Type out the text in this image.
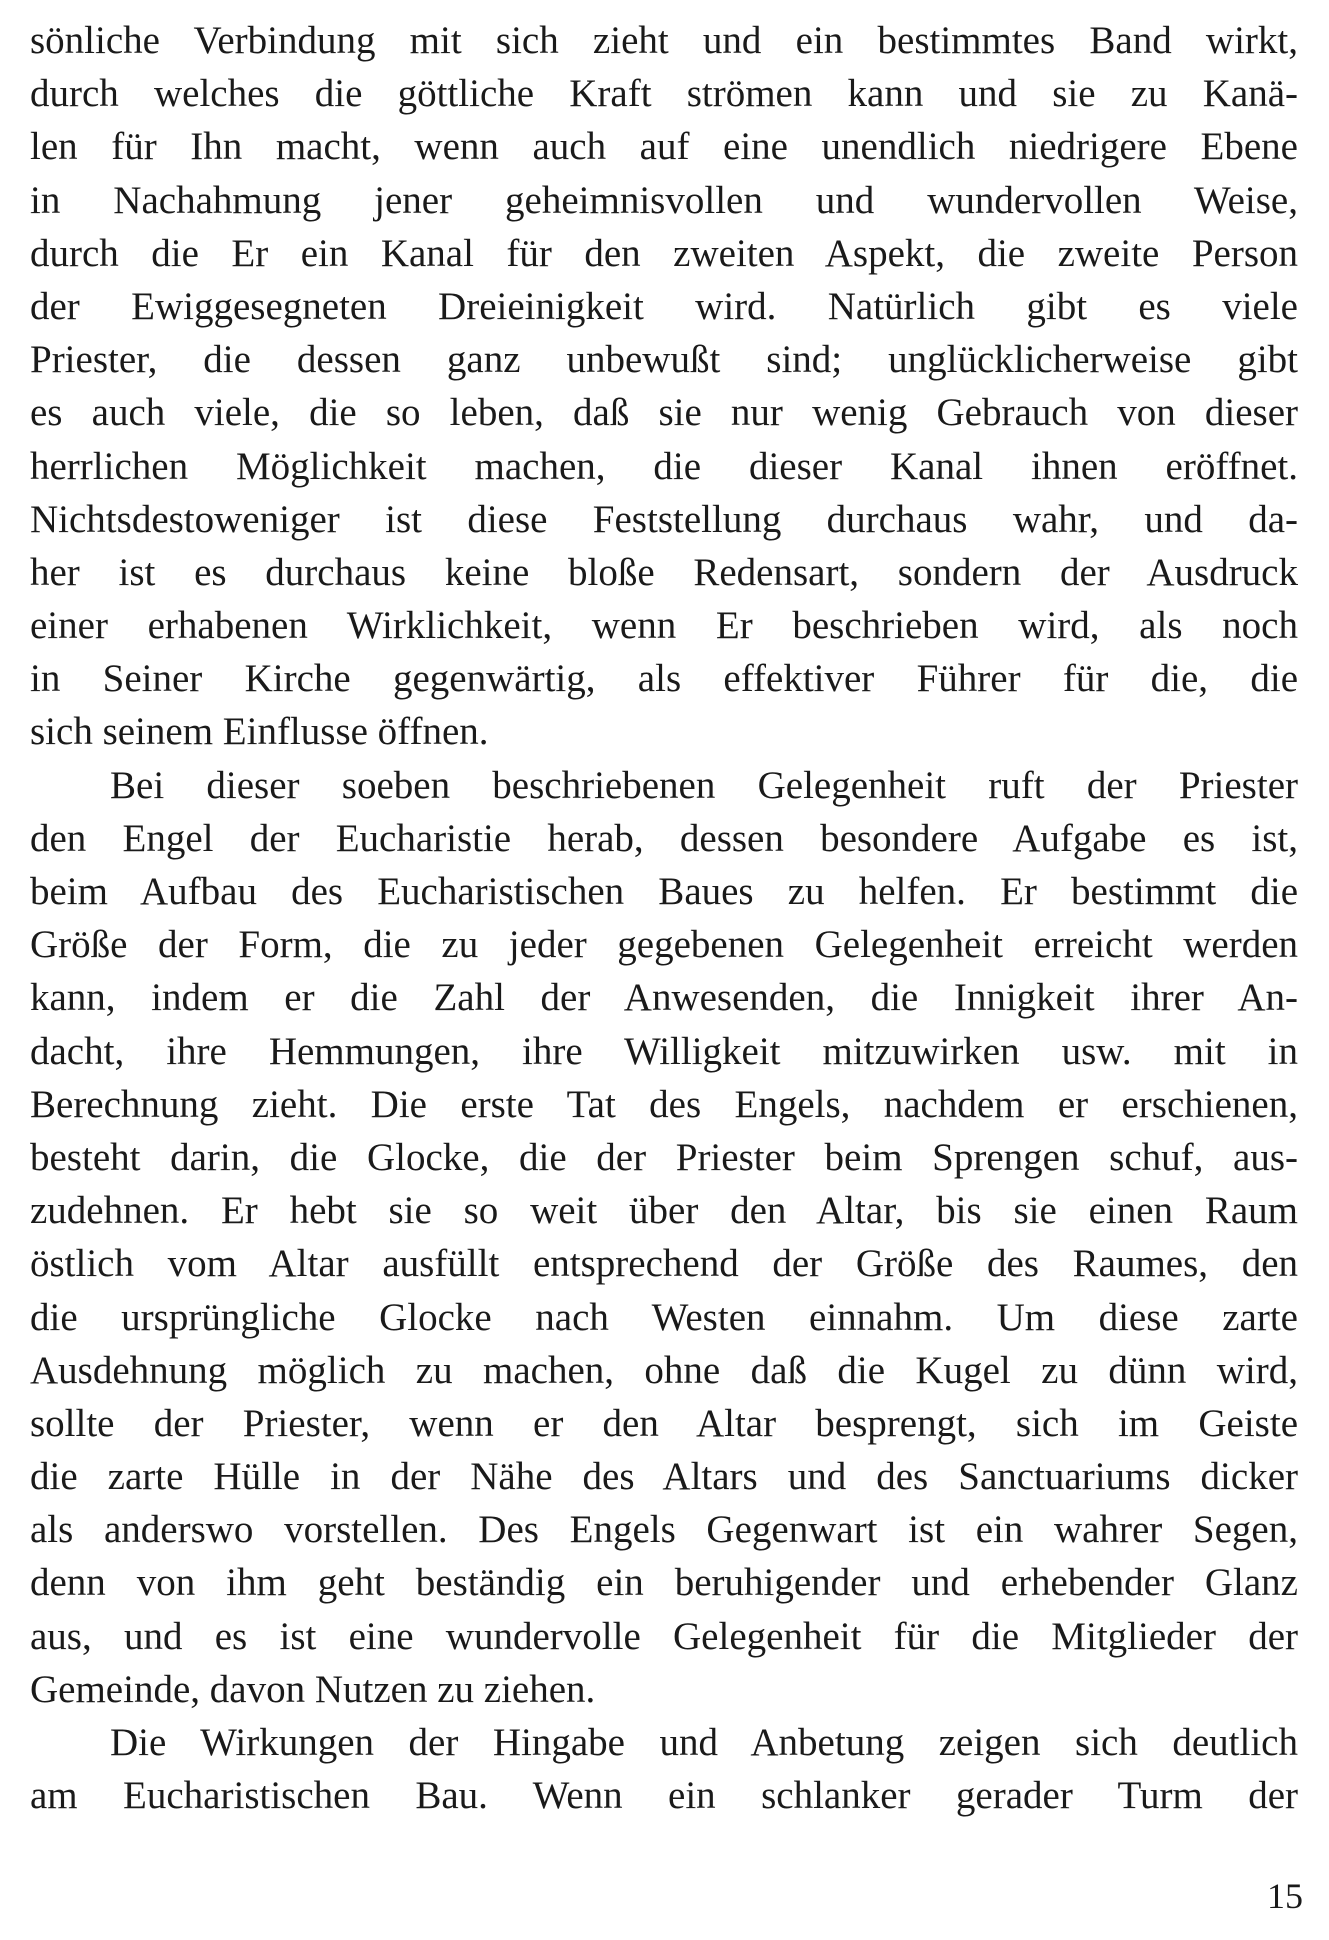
sönliche Verbindung mit sich zieht und ein bestimmtes Band wirkt,
durch welches die göttliche Kraft strömen kann und sie zu Kanä-
len für Ihn macht, wenn auch auf eine unendlich niedrigere Ebene
in Nachahmung jener geheimnisvollen und wundervollen Weise,
durch die Er ein Kanal für den zweiten Aspekt, die zweite Person
der Ewiggesegneten Dreieinigkeit wird. Natürlich gibt es viele
Priester, die dessen ganz unbewußt sind; unglücklicherweise gibt
es auch viele, die so leben, daß sie nur wenig Gebrauch von dieser
herrlichen Möglichkeit machen, die dieser Kanal ihnen eröffnet.
Nichtsdestoweniger ist diese Feststellung durchaus wahr, und da-
her ist es durchaus keine bloße Redensart, sondern der Ausdruck
einer erhabenen Wirklichkeit, wenn Er beschrieben wird, als noch
in Seiner Kirche gegenwärtig, als effektiver Führer für die, die
sich seinem Einflusse öffnen.
Bei dieser soeben beschriebenen Gelegenheit ruft der Priester
den Engel der Eucharistie herab, dessen besondere Aufgabe es ist,
beim Aufbau des Eucharistischen Baues zu helfen. Er bestimmt die
Größe der Form, die zu jeder gegebenen Gelegenheit erreicht werden
kann, indem er die Zahl der Anwesenden, die Innigkeit ihrer An-
dacht, ihre Hemmungen, ihre Willigkeit mitzuwirken usw. mit in
Berechnung zieht. Die erste Tat des Engels, nachdem er erschienen,
besteht darin, die Glocke, die der Priester beim Sprengen schuf, aus-
zudehnen. Er hebt sie so weit über den Altar, bis sie einen Raum
östlich vom Altar ausfüllt entsprechend der Größe des Raumes, den
die ursprüngliche Glocke nach Westen einnahm. Um diese zarte
Ausdehnung möglich zu machen, ohne daß die Kugel zu dünn wird,
sollte der Priester, wenn er den Altar besprengt, sich im Geiste
die zarte Hülle in der Nähe des Altars und des Sanctuariums dicker
als anderswo vorstellen. Des Engels Gegenwart ist ein wahrer Segen,
denn von ihm geht beständig ein beruhigender und erhebender Glanz
aus, und es ist eine wundervolle Gelegenheit für die Mitglieder der
Gemeinde, davon Nutzen zu ziehen.
Die Wirkungen der Hingabe und Anbetung zeigen sich deutlich
am Eucharistischen Bau. Wenn ein schlanker gerader Turm der
15
